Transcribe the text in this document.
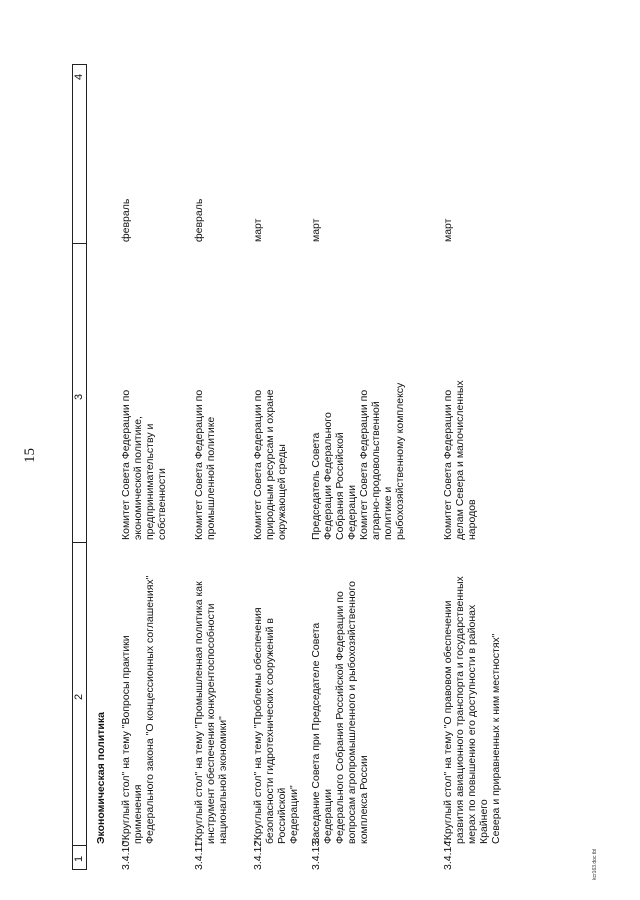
15
1
2
3
4
Экономическая политика
3.4.10.
"Круглый стол" на тему "Вопросы практики применения
Федерального закона "О концессионных соглашениях"
Комитет Совета Федерации по
экономической политике,
предпринимательству и
собственности
февраль
3.4.11.
"Круглый стол" на тему "Промышленная политика как
инструмент обеспечения конкурентоспособности
национальной экономики"
Комитет Совета Федерации по
промышленной политике
февраль
3.4.12.
"Круглый стол" на тему "Проблемы обеспечения
безопасности гидротехнических сооружений в Российской
Федерации"
Комитет Совета Федерации по
природным ресурсам и охране
окружающей среды
март
3.4.13.
Заседание Совета при Председателе Совета Федерации
Федерального Собрания Российской Федерации по
вопросам агропромышленного и рыбохозяйственного
комплекса России
Председатель Совета
Федерации Федерального
Собрания Российской
Федерации
Комитет Совета Федерации по
аграрно-продовольственной
политике и
рыбохозяйственному комплексу
март
3.4.14.
"Круглый стол" на тему "О правовом обеспечении
развития авиационного транспорта и государственных
мерах по повышению его доступности в районах Крайнего
Севера и приравненных к ним местностях"
Комитет Совета Федерации по
делам Севера и малочисленных
народов
март
kcr163.doc tbl
